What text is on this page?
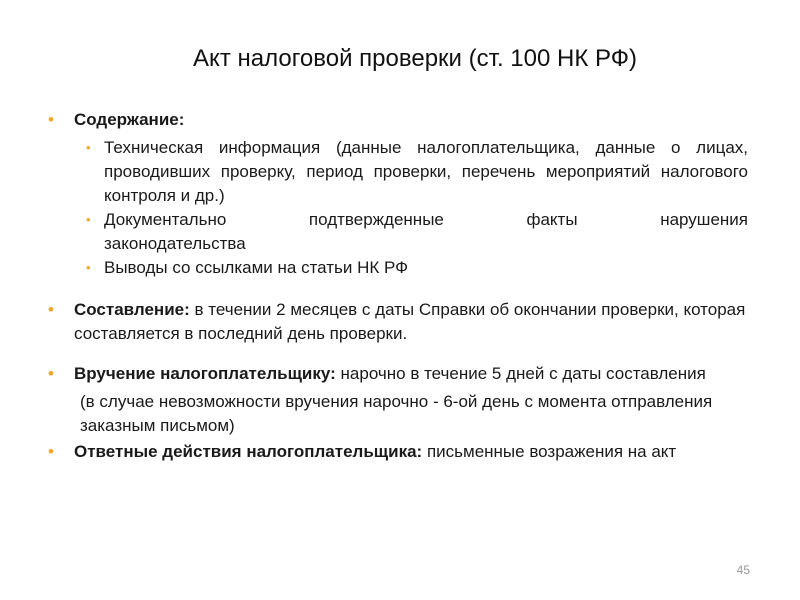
Акт налоговой проверки (ст. 100 НК РФ)
• Содержание:
• Техническая информация (данные налогоплательщика, данные о лицах, проводивших проверку, период проверки, перечень мероприятий налогового контроля и др.)
• Документально подтвержденные факты нарушения
законодательства
• Выводы со ссылками на статьи НК РФ
• Составление: в течении 2 месяцев с даты Справки об окончании проверки, которая составляется в последний день проверки.
• Вручение налогоплательщику: нарочно в течение 5 дней с даты составления
(в случае невозможности вручения нарочно - 6-ой день с момента отправления заказным письмом)
• Ответные действия налогоплательщика: письменные возражения на акт
45
